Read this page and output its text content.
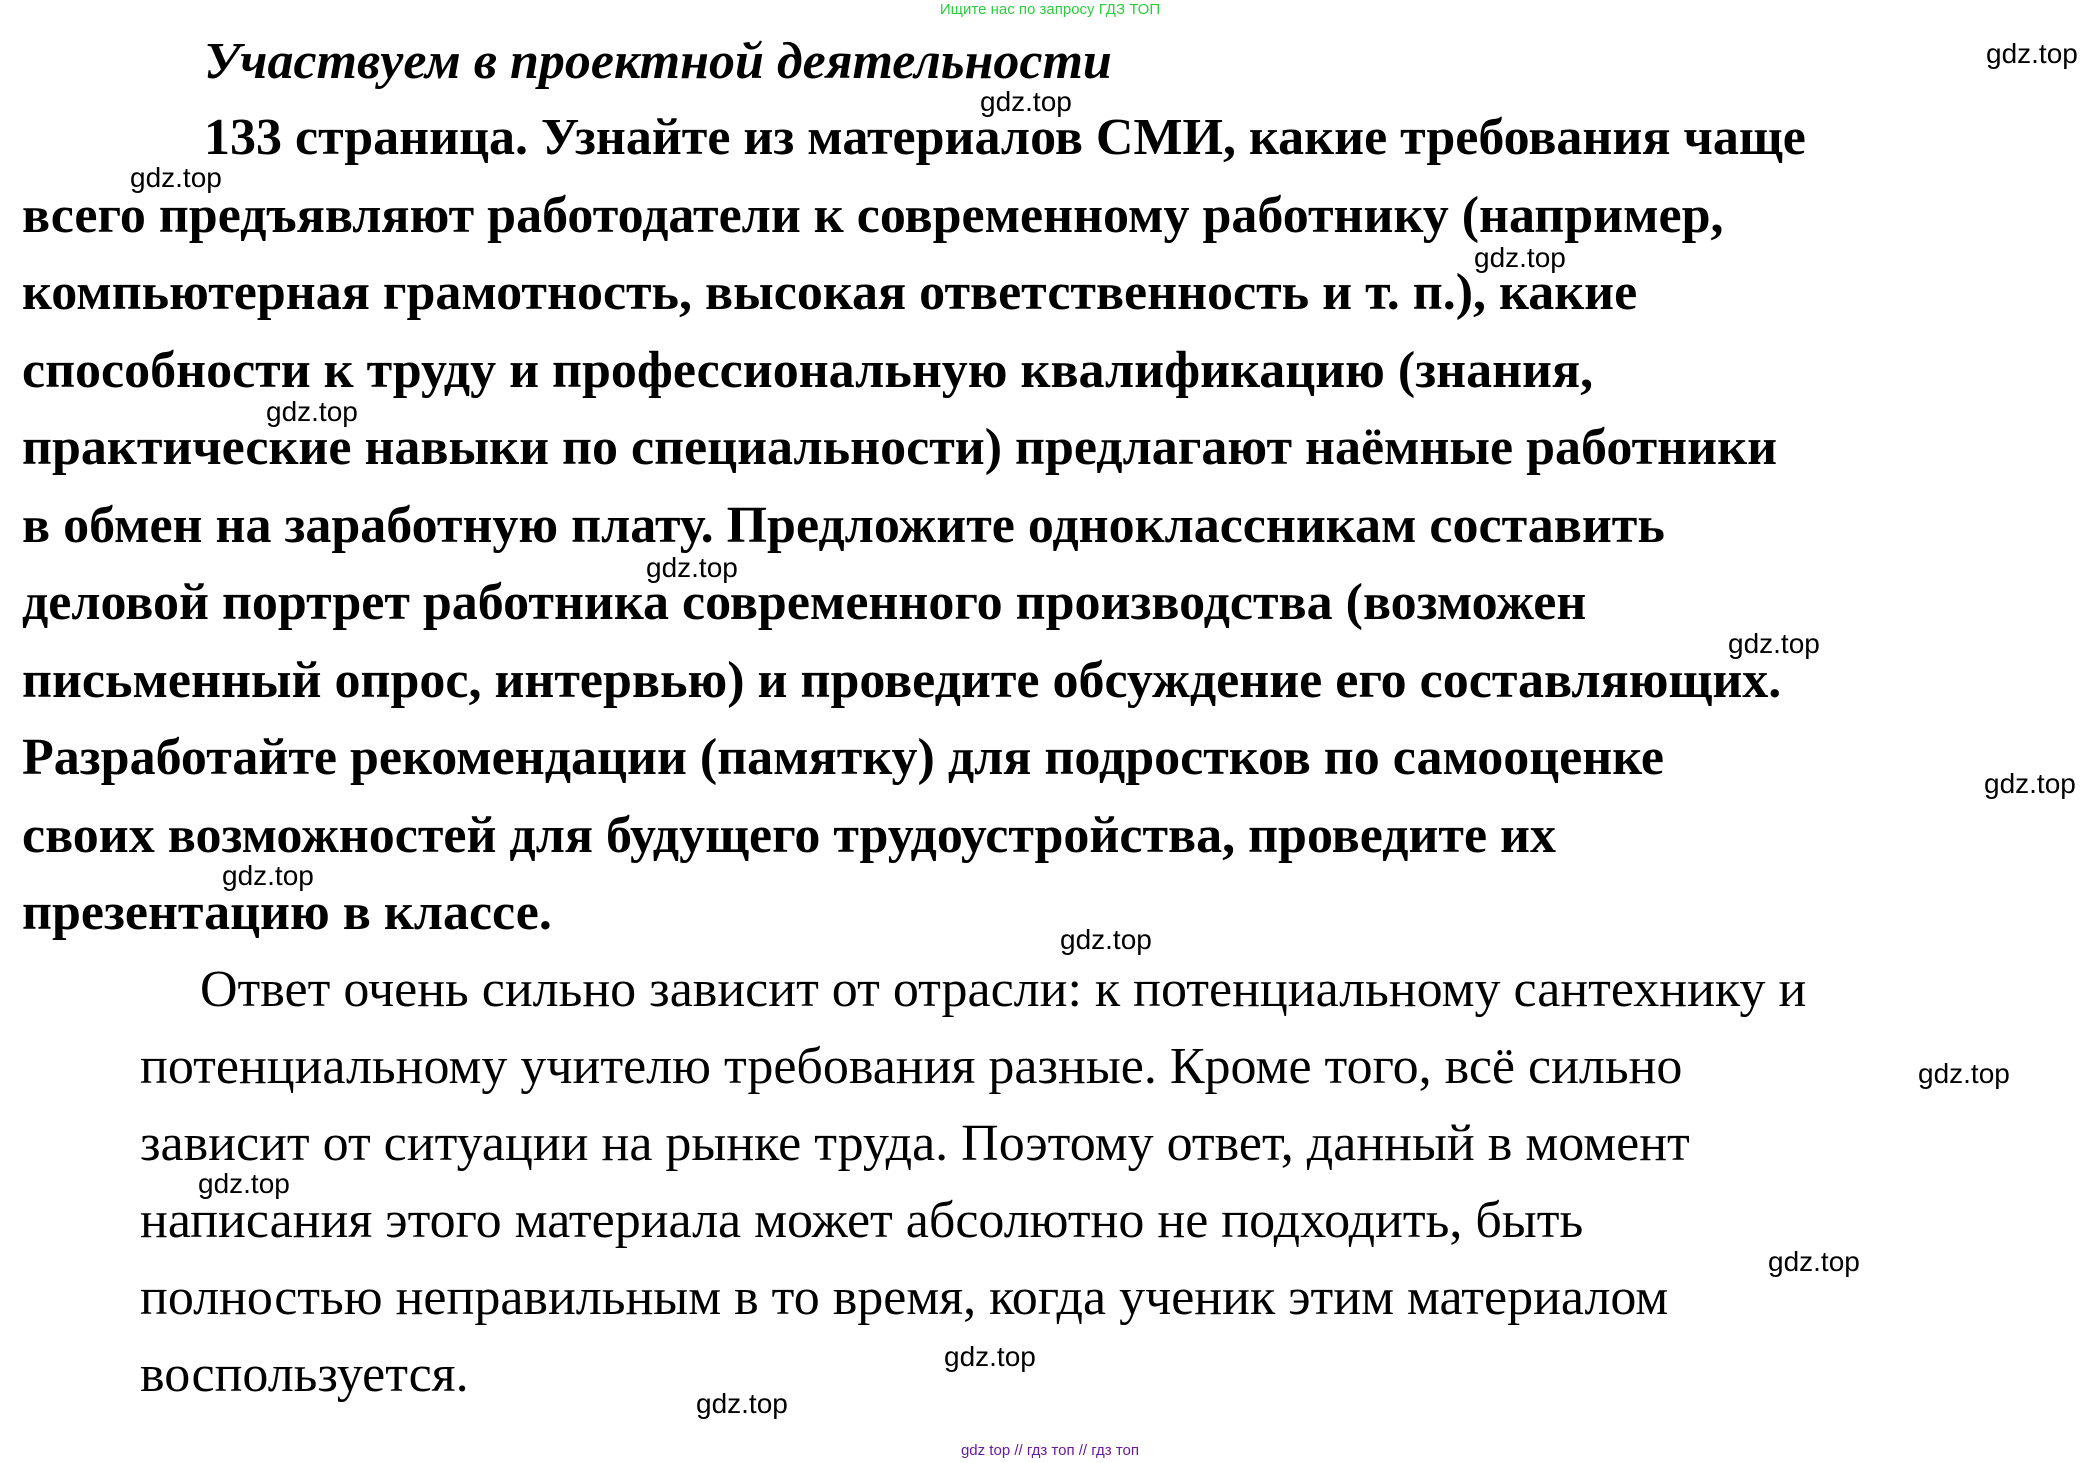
Ищите нас по запросу ГДЗ ТОП
Участвуем в проектной деятельности
133 страница. Узнайте из материалов СМИ, какие требования чаще
всего предъявляют работодатели к современному работнику (например,
компьютерная грамотность, высокая ответственность и т. п.), какие
способности к труду и профессиональную квалификацию (знания,
практические навыки по специальности) предлагают наёмные работники
в обмен на заработную плату. Предложите одноклассникам составить
деловой портрет работника современного производства (возможен
письменный опрос, интервью) и проведите обсуждение его составляющих.
Разработайте рекомендации (памятку) для подростков по самооценке
своих возможностей для будущего трудоустройства, проведите их
презентацию в классе.
Ответ очень сильно зависит от отрасли: к потенциальному сантехнику и
потенциальному учителю требования разные. Кроме того, всё сильно
зависит от ситуации на рынке труда. Поэтому ответ, данный в момент
написания этого материала может абсолютно не подходить, быть
полностью неправильным в то время, когда ученик этим материалом
воспользуется.
gdz.top
gdz.top
gdz.top
gdz.top
gdz.top
gdz.top
gdz.top
gdz.top
gdz.top
gdz.top
gdz.top
gdz.top
gdz.top
gdz.top
gdz.top
gdz top // гдз топ // гдз топ
